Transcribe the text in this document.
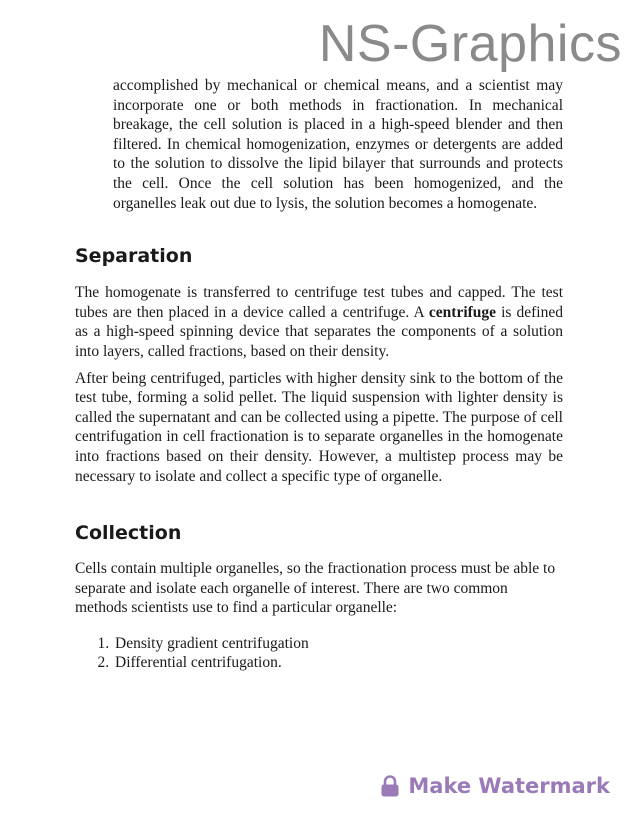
NS-Graphics

accomplished by mechanical or chemical means, and a scientist may incorporate one or both methods in fractionation. In mechanical breakage, the cell solution is placed in a high-speed blender and then filtered. In chemical homogenization, enzymes or detergents are added to the solution to dissolve the lipid bilayer that surrounds and protects the cell. Once the cell solution has been homogenized, and the organelles leak out due to lysis, the solution becomes a homogenate.

Separation

The homogenate is transferred to centrifuge test tubes and capped. The test tubes are then placed in a device called a centrifuge. A centrifuge is defined as a high-speed spinning device that separates the components of a solution into layers, called fractions, based on their density.

After being centrifuged, particles with higher density sink to the bottom of the test tube, forming a solid pellet. The liquid suspension with lighter density is called the supernatant and can be collected using a pipette. The purpose of cell centrifugation in cell fractionation is to separate organelles in the homogenate into fractions based on their density. However, a multistep process may be necessary to isolate and collect a specific type of organelle.

Collection

Cells contain multiple organelles, so the fractionation process must be able to separate and isolate each organelle of interest. There are two common methods scientists use to find a particular organelle:

1. Density gradient centrifugation
2. Differential centrifugation.
Make Watermark
